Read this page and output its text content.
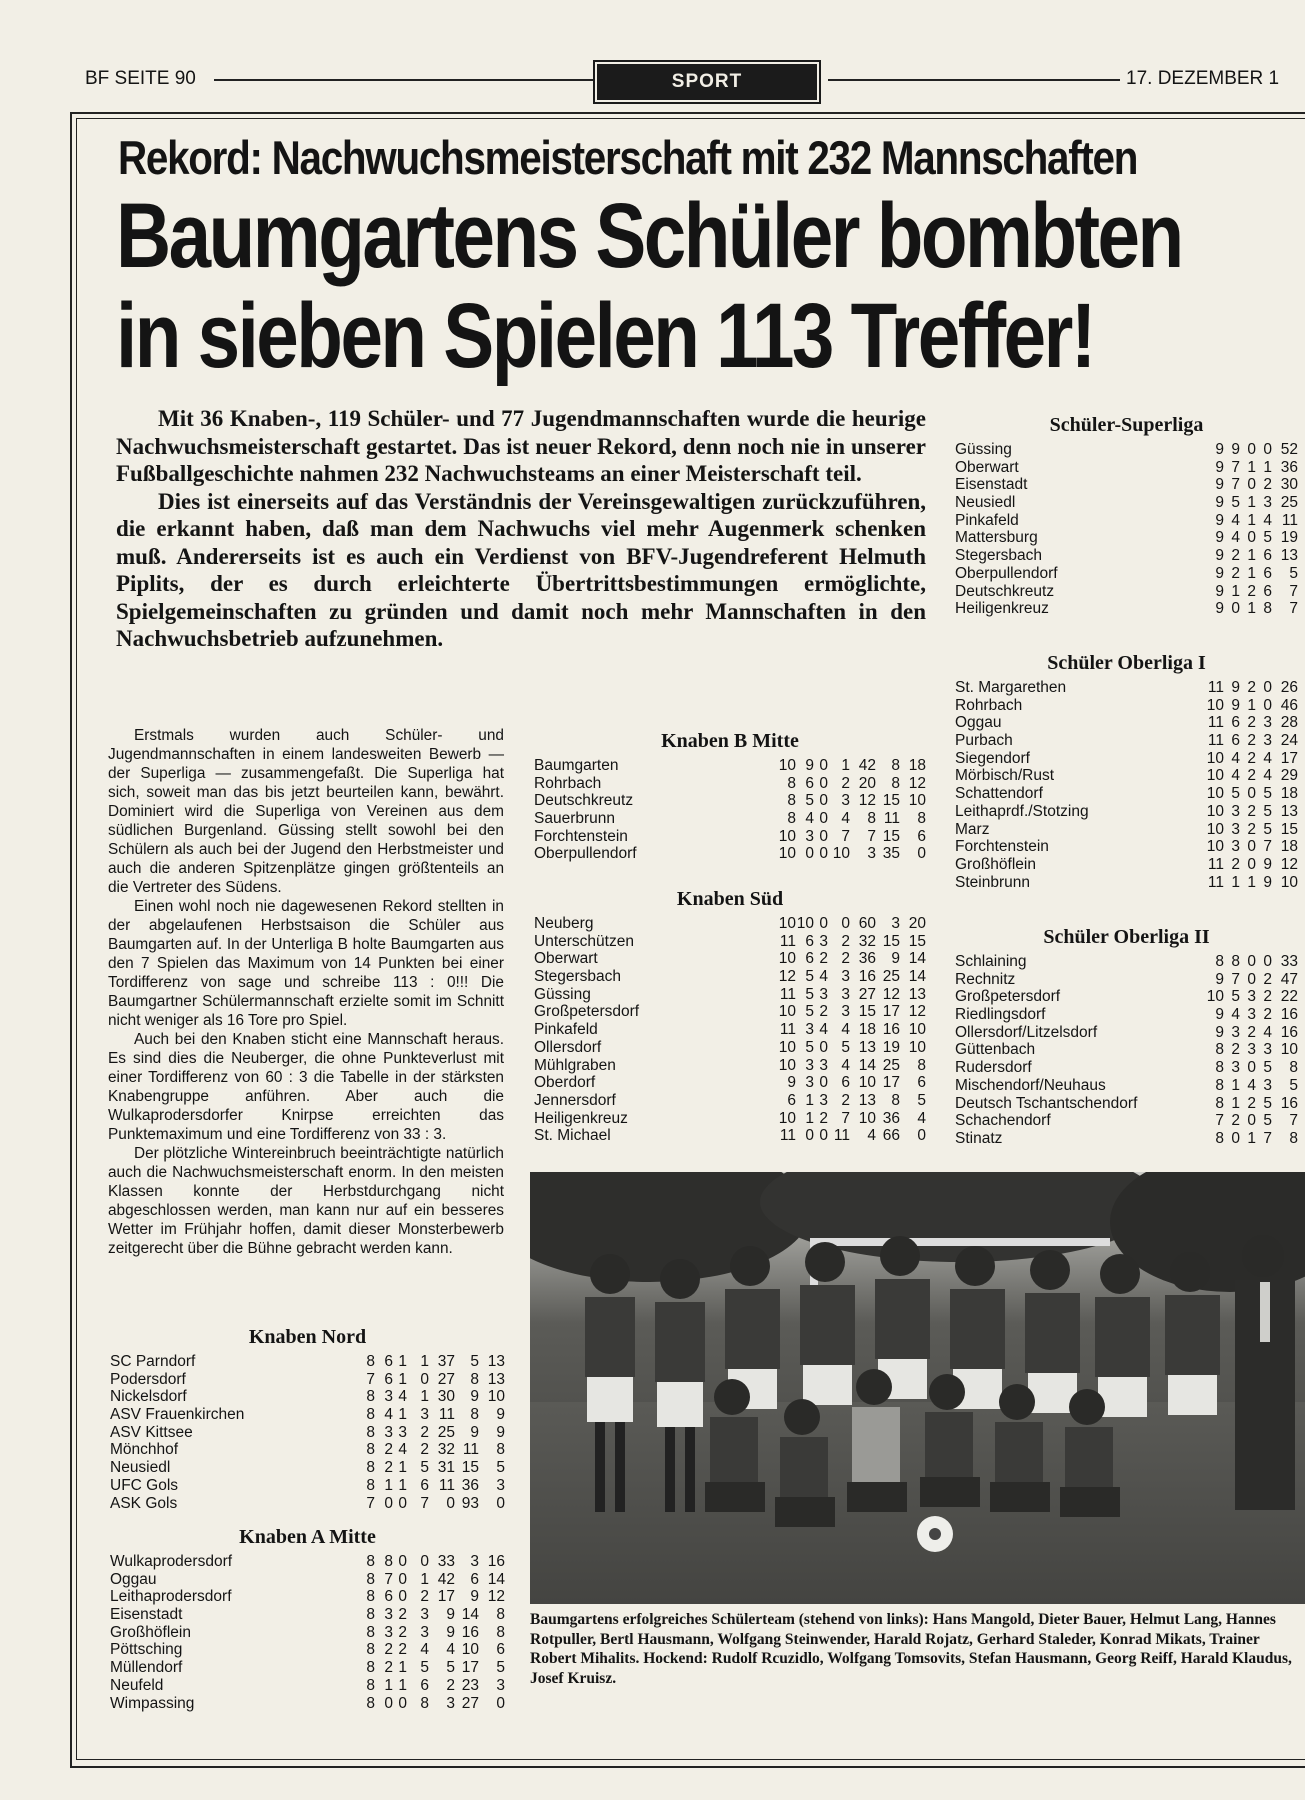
BF SEITE 90	SPORT	17. DEZEMBER 1
Rekord: Nachwuchsmeisterschaft mit 232 Mannschaften
Baumgartens Schüler bombten
in sieben Spielen 113 Treffer!

Mit 36 Knaben-, 119 Schüler- und 77 Jugendmannschaften wurde die heurige Nachwuchsmeisterschaft gestartet. Das ist neuer Rekord, denn noch nie in unserer Fußballgeschichte nahmen 232 Nachwuchsteams an einer Meisterschaft teil.

Dies ist einerseits auf das Verständnis der Vereinsgewaltigen zurückzuführen, die erkannt haben, daß man dem Nachwuchs viel mehr Augenmerk schenken muß. Andererseits ist es auch ein Verdienst von BFV-Jugendreferent Helmuth Piplits, der es durch erleichterte Übertrittsbestimmungen ermöglichte, Spielgemeinschaften zu gründen und damit noch mehr Mannschaften in den Nachwuchsbetrieb aufzunehmen.

Erstmals wurden auch Schüler- und Jugendmannschaften in einem landesweiten Bewerb — der Superliga — zusammengefaßt. Die Superliga hat sich, soweit man das bis jetzt beurteilen kann, bewährt. Dominiert wird die Superliga von Vereinen aus dem südlichen Burgenland. Güssing stellt sowohl bei den Schülern als auch bei der Jugend den Herbstmeister und auch die anderen Spitzenplätze gingen größtenteils an die Vertreter des Südens.

Einen wohl noch nie dagewesenen Rekord stellten in der abgelaufenen Herbstsaison die Schüler aus Baumgarten auf. In der Unterliga B holte Baumgarten aus den 7 Spielen das Maximum von 14 Punkten bei einer Tordifferenz von sage und schreibe 113 : 0!!! Die Baumgartner Schülermannschaft erzielte somit im Schnitt nicht weniger als 16 Tore pro Spiel.

Auch bei den Knaben sticht eine Mannschaft heraus. Es sind dies die Neuberger, die ohne Punkteverlust mit einer Tordifferenz von 60 : 3 die Tabelle in der stärksten Knabengruppe anführen. Aber auch die Wulkaprodersdorfer Knirpse erreichten das Punktemaximum und eine Tordifferenz von 33 : 3.

Der plötzliche Wintereinbruch beeinträchtigte natürlich auch die Nachwuchsmeisterschaft enorm. In den meisten Klassen konnte der Herbstdurchgang nicht abgeschlossen werden, man kann nur auf ein besseres Wetter im Frühjahr hoffen, damit dieser Monsterbewerb zeitgerecht über die Bühne gebracht werden kann.

Knaben Nord
SC Parndorf	8 6 1 1 37 5 13
Podersdorf	7 6 1 0 27 8 13
Nickelsdorf	8 3 4 1 30 9 10
ASV Frauenkirchen	8 4 1 3 11 8	9
ASV Kittsee	8 3 3 2 25 9	9
Mönchhof	8 2 4 2 32 11	8
Neusiedl	8 2 1 5 31 15	5
UFC Gols	8 1 1 6 11 36	3
ASK Gols	7 0 0 7	0 93	0
Knaben A Mitte
Wulkaprodersdorf	8 8 0 0 33 3 16
Oggau	8 7 0 1 42 6 14
Leithaprodersdorf	8 6 0 2 17 9 12
Eisenstadt	8 3 2 3	9 14	8
Großhöflein	8 3 2 3	9 16	8
Pöttsching	8 2 2 4	4 10	6
Müllendorf	8 2 1 5	5 17	5
Neufeld	8 1 1 6	2 23	3
Wimpassing	8 0 0 8	3 27	0
Knaben B Mitte
Baumgarten	10 9 0 1 42 8 18
Rohrbach	8 6 0 2 20 8 12
Deutschkreutz	8 5 0 3 12 15 10
Sauerbrunn	8 4 0 4	8 11	8
Forchtenstein	10 3 0 7	7 15	6
Oberpullendorf	10 0 0 10	3 35	0
Knaben Süd
Neuberg	10 10 0 0 60 3 20
Unterschützen	11 6 3 2 32 15 15
Oberwart	10 6 2 2 36 9 14
Stegersbach	12 5 4 3 16 25 14
Güssing	11 5 3 3 27 12 13
Großpetersdorf	10 5 2 3 15 17 12
Pinkafeld	11 3 4 4 18 16 10
Ollersdorf	10 5 0 5 13 19 10
Mühlgraben	10 3 3 4 14 25	8
Oberdorf	9 3 0 6 10 17	6
Jennersdorf	6 1 3 2 13 8	5
Heiligenkreuz	10 1 2 7 10 36	4
St. Michael	11 0 0 11	4 66	0
Schüler-Superliga
Güssing	9 9 0 0 52
Oberwart	9 7 1 1 36
Eisenstadt	9 7 0 2 30
Neusiedl	9 5 1 3 25
Pinkafeld	9 4 1 4 11
Mattersburg	9 4 0 5 19
Stegersbach	9 2 1 6 13
Oberpullendorf	9 2 1 6	5
Deutschkreutz	9 1 2 6	7
Heiligenkreuz	9 0 1 8	7
Schüler Oberliga I
St. Margarethen	11 9 2 0 26
Rohrbach	10 9 1 0 46
Oggau	11 6 2 3 28
Purbach	11 6 2 3 24
Siegendorf	10 4 2 4 17
Mörbisch/Rust	10 4 2 4 29
Schattendorf	10 5 0 5 18
Leithaprdf./Stotzing	10 3 2 5 13
Marz	10 3 2 5 15
Forchtenstein	10 3 0 7 18
Großhöflein	11 2 0 9 12
Steinbrunn	11 1 1 9 10
Schüler Oberliga II
Schlaining	8 8 0 0 33
Rechnitz	9 7 0 2 47
Großpetersdorf	10 5 3 2 22
Riedlingsdorf	9 4 3 2 16
Ollersdorf/Litzelsdorf	9 3 2 4 16
Güttenbach	8 2 3 3 10
Rudersdorf	8 3 0 5	8
Mischendorf/Neuhaus	8 1 4 3	5
Deutsch Tschantschendorf	8 1 2 5 16
Schachendorf	7 2 0 5	7
Stinatz	8 0 1 7	8
Baumgartens erfolgreiches Schülerteam (stehend von links): Hans Mangold, Dieter Bauer, Helmut Lang, Hannes Rotpuller, Bertl Hausmann, Wolfgang Steinwender, Harald Rojatz, Gerhard Staleder, Konrad Mikats, Trainer Robert Mihalits. Hockend: Rudolf Rcuzidlo, Wolfgang Tomsovits, Stefan Hausmann, Georg Reiff, Harald Klaudus, Josef Kruisz.
